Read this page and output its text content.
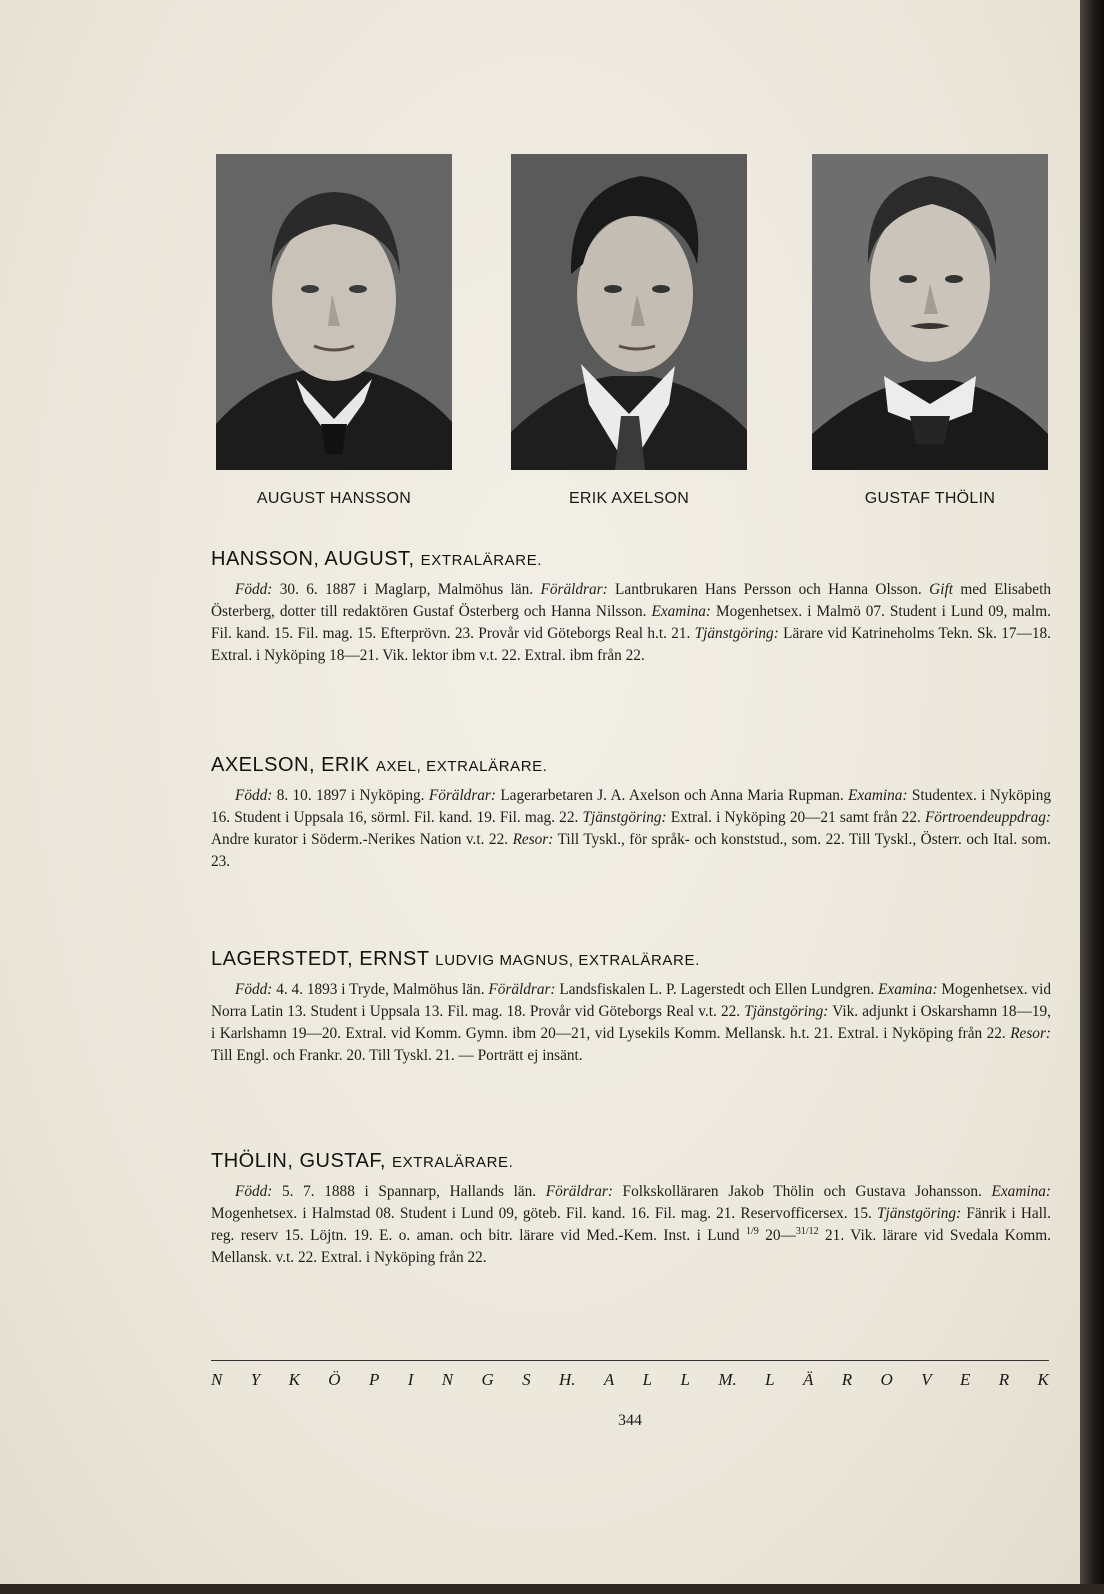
AUGUST HANSSON	ERIK AXELSON	GUSTAF THÖLIN
HANSSON, AUGUST, EXTRALÄRARE.

Född: 30. 6. 1887 i Maglarp, Malmöhus län. Föräldrar: Lantbrukaren Hans Persson och Hanna Olsson. Gift med Elisabeth Österberg, dotter till redaktören Gustaf Österberg och Hanna Nilsson. Examina: Mogenhetsex. i Malmö 07. Student i Lund 09, malm. Fil. kand. 15. Fil. mag. 15. Efterprövn. 23. Provår vid Göteborgs Real h.t. 21. Tjänstgöring: Lärare vid Katrineholms Tekn. Sk. 17—18. Extral. i Nyköping 18—21. Vik. lektor ibm v.t. 22. Extral. ibm från 22.

AXELSON, ERIK AXEL, EXTRALÄRARE.

Född: 8. 10. 1897 i Nyköping. Föräldrar: Lagerarbetaren J. A. Axelson och Anna Maria Rupman. Examina: Studentex. i Nyköping 16. Student i Uppsala 16, sörml. Fil. kand. 19. Fil. mag. 22. Tjänstgöring: Extral. i Nyköping 20—21 samt från 22. Förtroendeuppdrag: Andre kurator i Söderm.-Nerikes Nation v.t. 22. Resor: Till Tyskl., för språk- och konststud., som. 22. Till Tyskl., Österr. och Ital. som. 23.

LAGERSTEDT, ERNST LUDVIG MAGNUS, EXTRALÄRARE.

Född: 4. 4. 1893 i Tryde, Malmöhus län. Föräldrar: Landsfiskalen L. P. Lagerstedt och Ellen Lundgren. Examina: Mogenhetsex. vid Norra Latin 13. Student i Uppsala 13. Fil. mag. 18. Provår vid Göteborgs Real v.t. 22. Tjänstgöring: Vik. adjunkt i Oskarshamn 18—19, i Karlshamn 19—20. Extral. vid Komm. Gymn. ibm 20—21, vid Lysekils Komm. Mellansk. h.t. 21. Extral. i Nyköping från 22. Resor: Till Engl. och Frankr. 20. Till Tyskl. 21. — Porträtt ej insänt.

THÖLIN, GUSTAF, EXTRALÄRARE.

Född: 5. 7. 1888 i Spannarp, Hallands län. Föräldrar: Folkskolläraren Jakob Thölin och Gustava Johansson. Examina: Mogenhetsex. i Halmstad 08. Student i Lund 09, göteb. Fil. kand. 16. Fil. mag. 21. Reservofficersex. 15. Tjänstgöring: Fänrik i Hall. reg. reserv 15. Löjtn. 19. E. o. aman. och bitr. lärare vid Med.-Kem. Inst. i Lund $^{1/9}$ 20—$^{31/12}$ 21. Vik. lärare vid Svedala Komm. Mellansk. v.t. 22. Extral. i Nyköping från 22.

N Y K Ö P I N G S H. A L L M. L Ä R O V E R K
344
